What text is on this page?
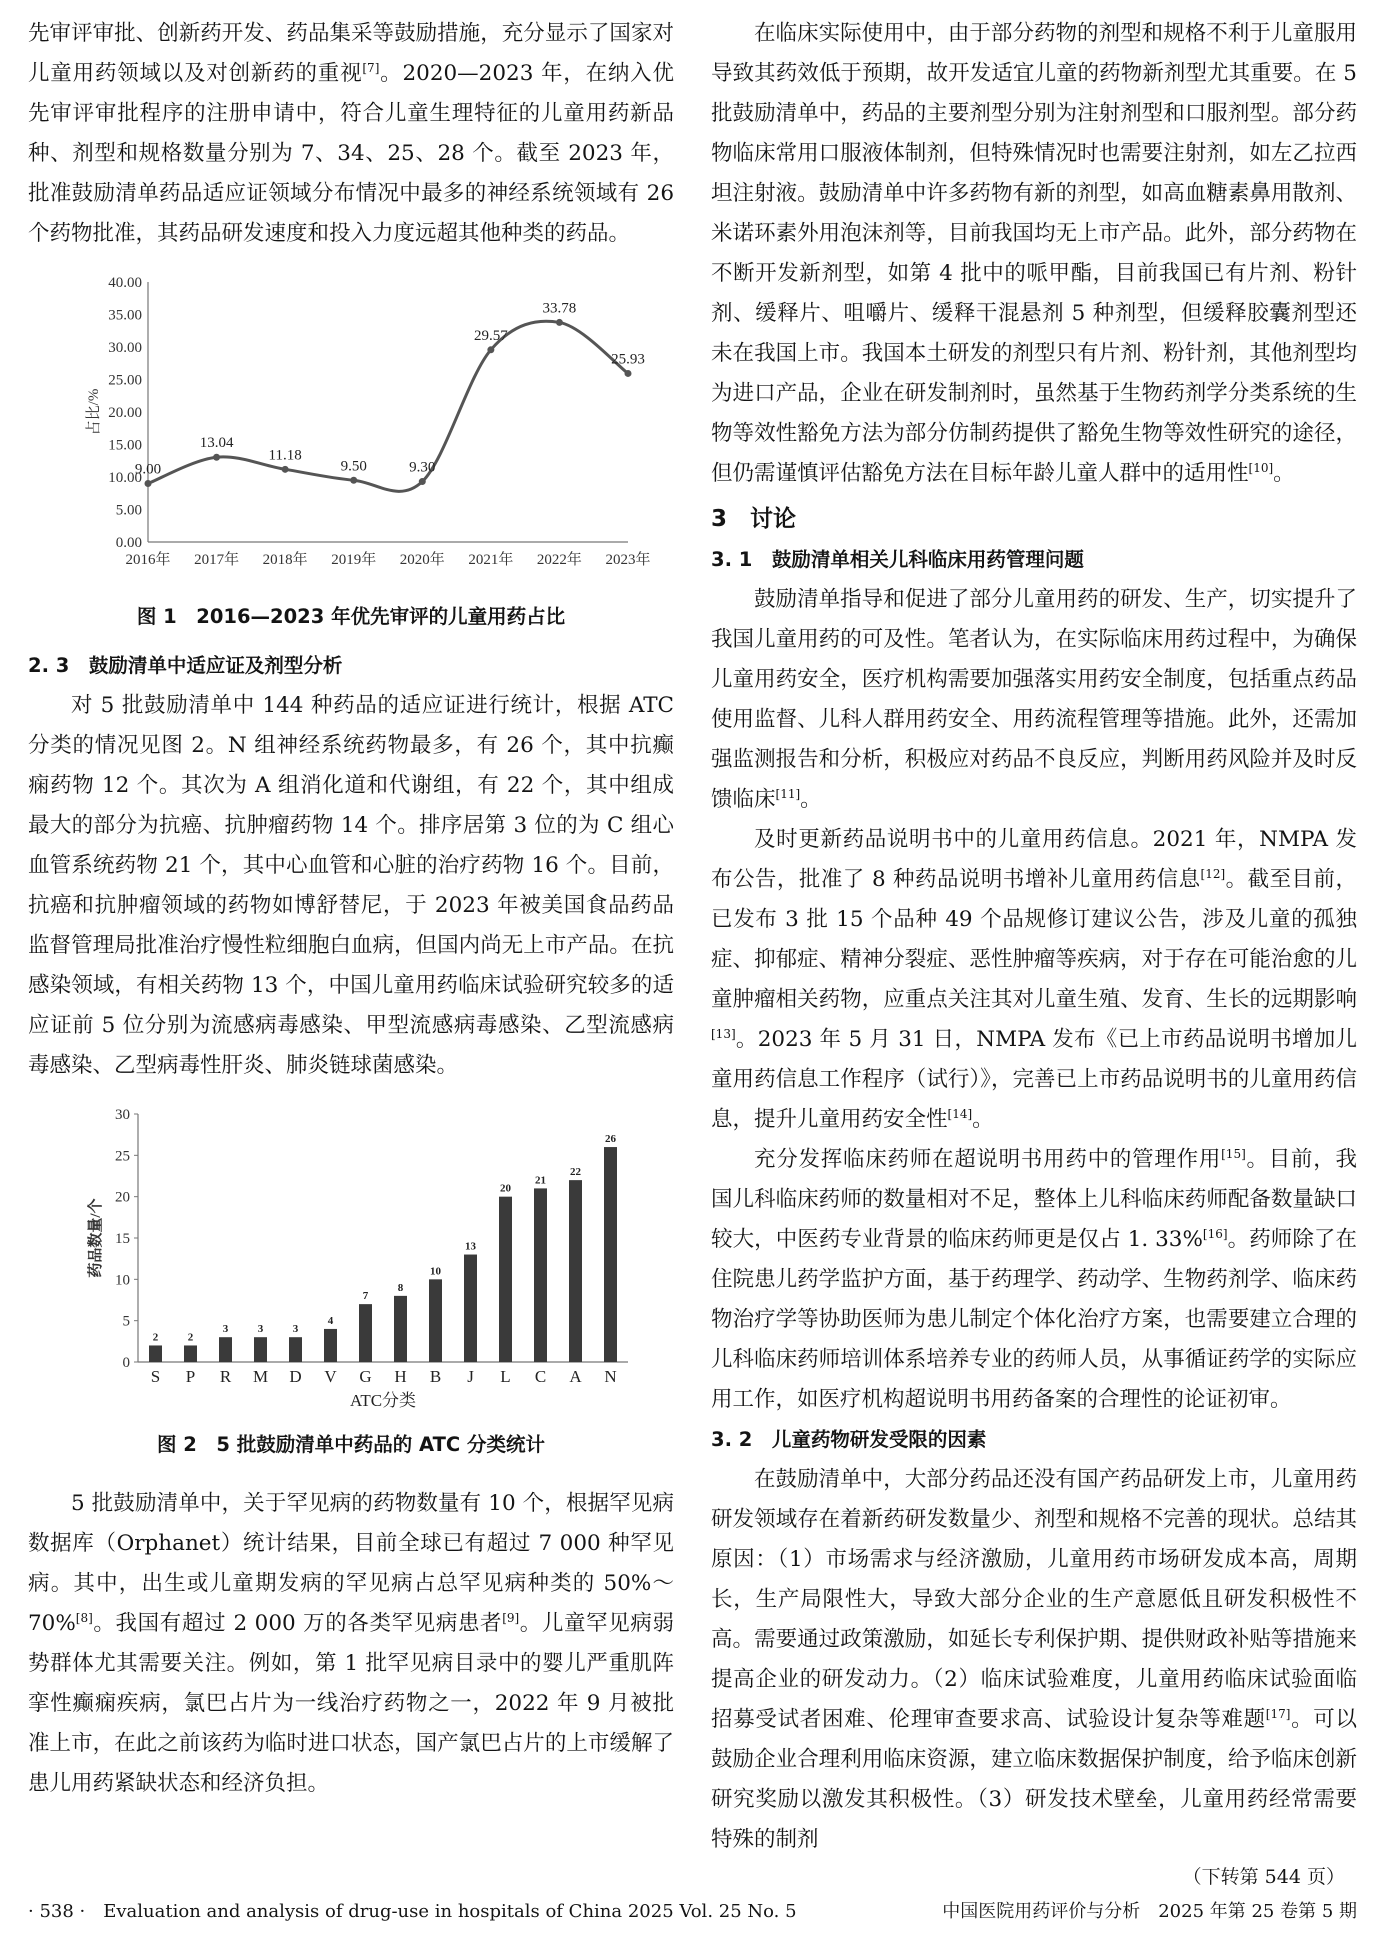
先审评审批、创新药开发、药品集采等鼓励措施，充分显示了国家对儿童用药领域以及对创新药的重视[7]。2020—2023 年，在纳入优先审评审批程序的注册申请中，符合儿童生理特征的儿童用药新品种、剂型和规格数量分别为 7、34、25、28 个。截至 2023 年，批准鼓励清单药品适应证领域分布情况中最多的神经系统领域有 26 个药物批准，其药品研发速度和投入力度远超其他种类的药品。

0.00
5.00
10.00
15.00
20.00
25.00
30.00
35.00
40.00
2016年 2017年 2018年 2019年 2020年 2021年 2022年 2023年
占比/%
9.00
13.04
11.18
9.50	9.30
29.57
33.78
25.93

图 1　2016—2023 年优先审评的儿童用药占比

2. 3　鼓励清单中适应证及剂型分析

对 5 批鼓励清单中 144 种药品的适应证进行统计，根据 ATC 分类的情况见图 2。N 组神经系统药物最多，有 26 个，其中抗癫痫药物 12 个。其次为 A 组消化道和代谢组，有 22 个，其中组成最大的部分为抗癌、抗肿瘤药物 14 个。排序居第 3 位的为 C 组心血管系统药物 21 个，其中心血管和心脏的治疗药物 16 个。目前，抗癌和抗肿瘤领域的药物如博舒替尼，于 2023 年被美国食品药品监督管理局批准治疗慢性粒细胞白血病，但国内尚无上市产品。在抗感染领域，有相关药物 13 个，中国儿童用药临床试验研究较多的适应证前 5 位分别为流感病毒感染、甲型流感病毒感染、乙型流感病毒感染、乙型病毒性肝炎、肺炎链球菌感染。

0
5
10
15
20
25
30
药品数量/个
2
S
2
P
3
R
3
M
3
D
4
V
7
G
8
H
10
B
13
J
20
L
21
C
22
A
26
N
ATC分类

图 2　5 批鼓励清单中药品的 ATC 分类统计

5 批鼓励清单中，关于罕见病的药物数量有 10 个，根据罕见病数据库（Orphanet）统计结果，目前全球已有超过 7 000 种罕见病。其中，出生或儿童期发病的罕见病占总罕见病种类的 50%～70%[8]。我国有超过 2 000 万的各类罕见病患者[9]。儿童罕见病弱势群体尤其需要关注。例如，第 1 批罕见病目录中的婴儿严重肌阵挛性癫痫疾病，氯巴占片为一线治疗药物之一，2022 年 9 月被批准上市，在此之前该药为临时进口状态，国产氯巴占片的上市缓解了患儿用药紧缺状态和经济负担。

在临床实际使用中，由于部分药物的剂型和规格不利于儿童服用导致其药效低于预期，故开发适宜儿童的药物新剂型尤其重要。在 5 批鼓励清单中，药品的主要剂型分别为注射剂型和口服剂型。部分药物临床常用口服液体制剂，但特殊情况时也需要注射剂，如左乙拉西坦注射液。鼓励清单中许多药物有新的剂型，如高血糖素鼻用散剂、米诺环素外用泡沫剂等，目前我国均无上市产品。此外，部分药物在不断开发新剂型，如第 4 批中的哌甲酯，目前我国已有片剂、粉针剂、缓释片、咀嚼片、缓释干混悬剂 5 种剂型，但缓释胶囊剂型还未在我国上市。我国本土研发的剂型只有片剂、粉针剂，其他剂型均为进口产品，企业在研发制剂时，虽然基于生物药剂学分类系统的生物等效性豁免方法为部分仿制药提供了豁免生物等效性研究的途径，但仍需谨慎评估豁免方法在目标年龄儿童人群中的适用性[10]。

3　讨论

3. 1　鼓励清单相关儿科临床用药管理问题

鼓励清单指导和促进了部分儿童用药的研发、生产，切实提升了我国儿童用药的可及性。笔者认为，在实际临床用药过程中，为确保儿童用药安全，医疗机构需要加强落实用药安全制度，包括重点药品使用监督、儿科人群用药安全、用药流程管理等措施。此外，还需加强监测报告和分析，积极应对药品不良反应，判断用药风险并及时反馈临床[11]。

及时更新药品说明书中的儿童用药信息。2021 年，NMPA 发布公告，批准了 8 种药品说明书增补儿童用药信息[12]。截至目前，已发布 3 批 15 个品种 49 个品规修订建议公告，涉及儿童的孤独症、抑郁症、精神分裂症、恶性肿瘤等疾病，对于存在可能治愈的儿童肿瘤相关药物，应重点关注其对儿童生殖、发育、生长的远期影响[13]。2023 年 5 月 31 日，NMPA 发布《已上市药品说明书增加儿童用药信息工作程序（试行）》，完善已上市药品说明书的儿童用药信息，提升儿童用药安全性[14]。

充分发挥临床药师在超说明书用药中的管理作用[15]。目前，我国儿科临床药师的数量相对不足，整体上儿科临床药师配备数量缺口较大，中医药专业背景的临床药师更是仅占 1. 33%[16]。药师除了在住院患儿药学监护方面，基于药理学、药动学、生物药剂学、临床药物治疗学等协助医师为患儿制定个体化治疗方案，也需要建立合理的儿科临床药师培训体系培养专业的药师人员，从事循证药学的实际应用工作，如医疗机构超说明书用药备案的合理性的论证初审。

3. 2　儿童药物研发受限的因素

在鼓励清单中，大部分药品还没有国产药品研发上市，儿童用药研发领域存在着新药研发数量少、剂型和规格不完善的现状。总结其原因：（1）市场需求与经济激励，儿童用药市场研发成本高，周期长，生产局限性大，导致大部分企业的生产意愿低且研发积极性不高。需要通过政策激励，如延长专利保护期、提供财政补贴等措施来提高企业的研发动力。（2）临床试验难度，儿童用药临床试验面临招募受试者困难、伦理审查要求高、试验设计复杂等难题[17]。可以鼓励企业合理利用临床资源，建立临床数据保护制度，给予临床创新研究奖励以激发其积极性。（3）研发技术壁垒，儿童用药经常需要特殊的制剂

（下转第 544 页）

· 538 ·　Evaluation and analysis of drug-use in hospitals of China 2025 Vol. 25 No. 5	中国医院用药评价与分析　2025 年第 25 卷第 5 期
